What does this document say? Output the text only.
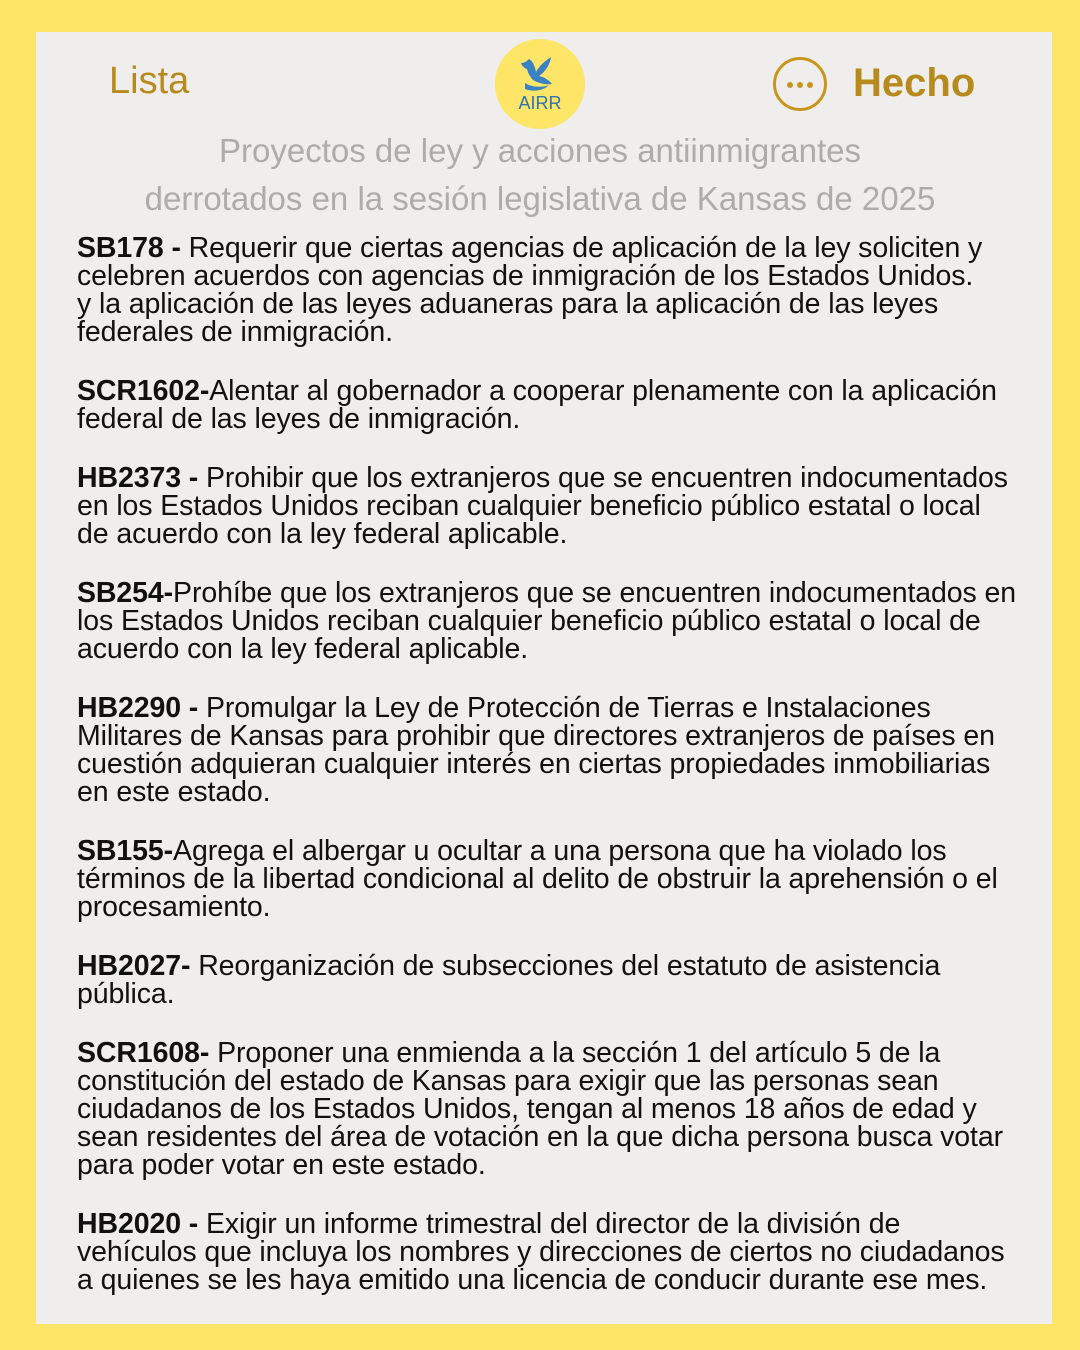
Lista
AIRR	Hecho
Proyectos de ley y acciones antiinmigrantes
derrotados en la sesión legislativa de Kansas de 2025

SB178 - Requerir que ciertas agencias de aplicación de la ley soliciten y celebren acuerdos con agencias de inmigración de los Estados Unidos.

y la aplicación de las leyes aduaneras para la aplicación de las leyes federales de inmigración.

SCR1602-Alentar al gobernador a cooperar plenamente con la aplicación federal de las leyes de inmigración.

HB2373 - Prohibir que los extranjeros que se encuentren indocumentados en los Estados Unidos reciban cualquier beneficio público estatal o local de acuerdo con la ley federal aplicable.

SB254-Prohíbe que los extranjeros que se encuentren indocumentados en los Estados Unidos reciban cualquier beneficio público estatal o local de acuerdo con la ley federal aplicable.

HB2290 - Promulgar la Ley de Protección de Tierras e Instalaciones Militares de Kansas para prohibir que directores extranjeros de países en cuestión adquieran cualquier interés en ciertas propiedades inmobiliarias en este estado.

SB155-Agrega el albergar u ocultar a una persona que ha violado los términos de la libertad condicional al delito de obstruir la aprehensión o el procesamiento.

HB2027- Reorganización de subsecciones del estatuto de asistencia pública.

SCR1608- Proponer una enmienda a la sección 1 del artículo 5 de la constitución del estado de Kansas para exigir que las personas sean ciudadanos de los Estados Unidos, tengan al menos 18 años de edad y sean residentes del área de votación en la que dicha persona busca votar para poder votar en este estado.

HB2020 - Exigir un informe trimestral del director de la división de vehículos que incluya los nombres y direcciones de ciertos no ciudadanos a quienes se les haya emitido una licencia de conducir durante ese mes.
